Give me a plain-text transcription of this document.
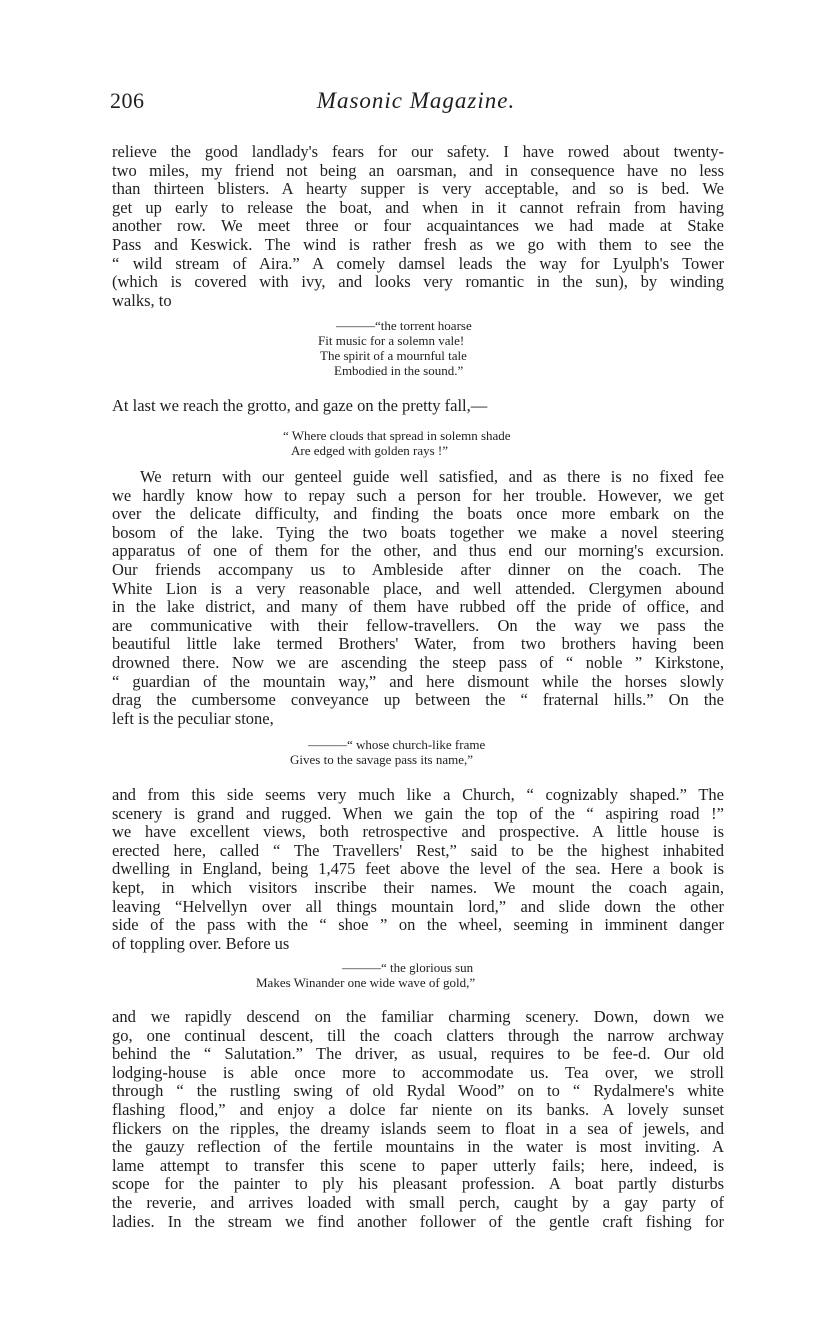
206	Masonic Magazine.
relieve the good landlady's fears for our safety. I have rowed about twenty-
two miles, my friend not being an oarsman, and in consequence have no less
than thirteen blisters. A hearty supper is very acceptable, and so is bed. We
get up early to release the boat, and when in it cannot refrain from having
another row. We meet three or four acquaintances we had made at Stake
Pass and Keswick. The wind is rather fresh as we go with them to see the
“ wild stream of Aira.” A comely damsel leads the way for Lyulph's Tower
(which is covered with ivy, and looks very romantic in the sun), by winding
walks, to
———“the torrent hoarse
Fit music for a solemn vale!
The spirit of a mournful tale
Embodied in the sound.”
At last we reach the grotto, and gaze on the pretty fall,—
“ Where clouds that spread in solemn shade
Are edged with golden rays !”
We return with our genteel guide well satisfied, and as there is no fixed fee
we hardly know how to repay such a person for her trouble. However, we get
over the delicate difficulty, and finding the boats once more embark on the
bosom of the lake. Tying the two boats together we make a novel steering
apparatus of one of them for the other, and thus end our morning's excursion.
Our friends accompany us to Ambleside after dinner on the coach. The
White Lion is a very reasonable place, and well attended. Clergymen abound
in the lake district, and many of them have rubbed off the pride of office, and
are communicative with their fellow-travellers. On the way we pass the
beautiful little lake termed Brothers' Water, from two brothers having been
drowned there. Now we are ascending the steep pass of “ noble ” Kirkstone,
“ guardian of the mountain way,” and here dismount while the horses slowly
drag the cumbersome conveyance up between the “ fraternal hills.” On the
left is the peculiar stone,
———“ whose church-like frame
Gives to the savage pass its name,”
and from this side seems very much like a Church, “ cognizably shaped.” The
scenery is grand and rugged. When we gain the top of the “ aspiring road !”
we have excellent views, both retrospective and prospective. A little house is
erected here, called “ The Travellers' Rest,” said to be the highest inhabited
dwelling in England, being 1,475 feet above the level of the sea. Here a book is
kept, in which visitors inscribe their names. We mount the coach again,
leaving “Helvellyn over all things mountain lord,” and slide down the other
side of the pass with the “ shoe ” on the wheel, seeming in imminent danger
of toppling over. Before us
———“ the glorious sun
Makes Winander one wide wave of gold,”
and we rapidly descend on the familiar charming scenery. Down, down we
go, one continual descent, till the coach clatters through the narrow archway
behind the “ Salutation.” The driver, as usual, requires to be fee-d. Our old
lodging-house is able once more to accommodate us. Tea over, we stroll
through “ the rustling swing of old Rydal Wood” on to “ Rydalmere's white
flashing flood,” and enjoy a dolce far niente on its banks. A lovely sunset
flickers on the ripples, the dreamy islands seem to float in a sea of jewels, and
the gauzy reflection of the fertile mountains in the water is most inviting. A
lame attempt to transfer this scene to paper utterly fails; here, indeed, is
scope for the painter to ply his pleasant profession. A boat partly disturbs
the reverie, and arrives loaded with small perch, caught by a gay party of
ladies. In the stream we find another follower of the gentle craft fishing for
